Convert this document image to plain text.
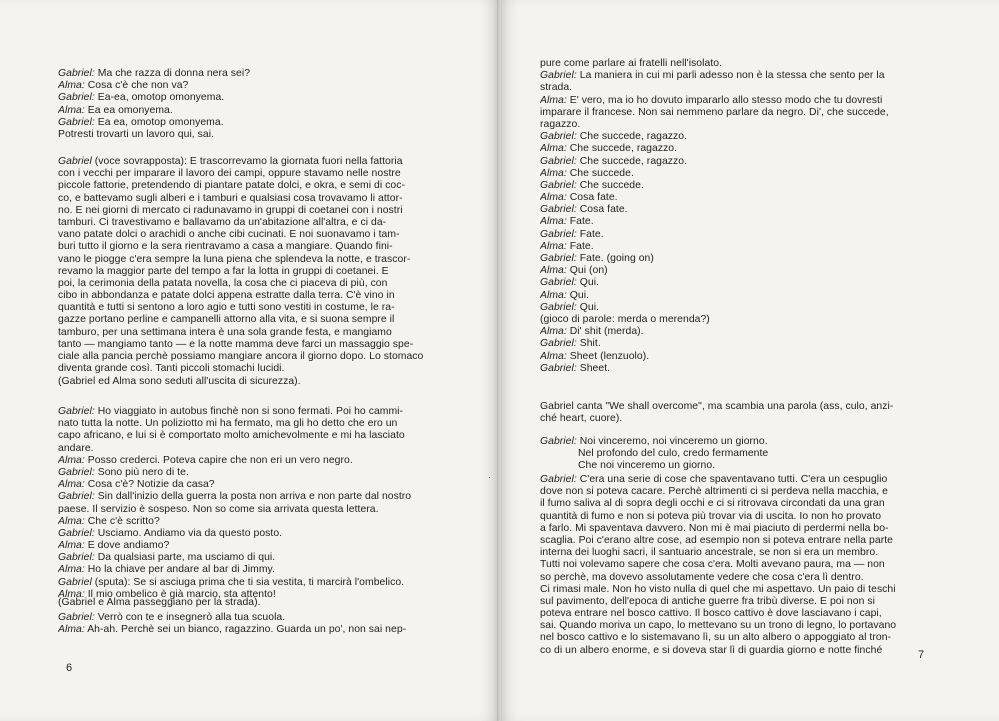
Gabriel: Ma che razza di donna nera sei?
Alma: Cosa c'è che non va?
Gabriel: Ea-ea, omotop omonyema.
Alma: Ea ea omonyema.
Gabriel: Ea ea, omotop omonyema.
Potresti trovarti un lavoro qui, sai.
Gabriel (voce sovrapposta): E trascorrevamo la giornata fuori nella fattoria
con i vecchi per imparare il lavoro dei campi, oppure stavamo nelle nostre
piccole fattorie, pretendendo di piantare patate dolci, e okra, e semi di coc-
co, e battevamo sugli alberi e i tamburi e qualsiasi cosa trovavamo li attor-
no. E nei giorni di mercato ci radunavamo in gruppi di coetanei con i nostri
tamburi. Ci travestivamo e ballavamo da un'abitazione all'altra, e ci da-
vano patate dolci o arachidi o anche cibi cucinati. E noi suonavamo i tam-
buri tutto il giorno e la sera rientravamo a casa a mangiare. Quando fini-
vano le piogge c'era sempre la luna piena che splendeva la notte, e trascor-
revamo la maggior parte del tempo a far la lotta in gruppi di coetanei. E
poi, la cerimonia della patata novella, la cosa che ci piaceva di più, con
cibo in abbondanza e patate dolci appena estratte dalla terra. C'è vino in
quantità e tutti si sentono a loro agio e tutti sono vestiti in costume, le ra-
gazze portano perline e campanelli attorno alla vita, e si suona sempre il
tamburo, per una settimana intera è una sola grande festa, e mangiamo
tanto — mangiamo tanto — e la notte mamma deve farci un massaggio spe-
ciale alla pancia perchè possiamo mangiare ancora il giorno dopo. Lo stomaco
diventa grande così. Tanti piccoli stomachi lucidi.
(Gabriel ed Alma sono seduti all'uscita di sicurezza).
Gabriel: Ho viaggiato in autobus finchè non si sono fermati. Poi ho cammi-
nato tutta la notte. Un poliziotto mi ha fermato, ma gli ho detto che ero un
capo africano, e lui si è comportato molto amichevolmente e mi ha lasciato
andare.
Alma: Posso crederci. Poteva capire che non eri un vero negro.
Gabriel: Sono più nero di te.
Alma: Cosa c'è? Notizie da casa?
Gabriel: Sin dall'inizio della guerra la posta non arriva e non parte dal nostro
paese. Il servizio è sospeso. Non so come sia arrivata questa lettera.
Alma: Che c'è scritto?
Gabriel: Usciamo. Andiamo via da questo posto.
Alma: E dove andiamo?
Gabriel: Da qualsiasi parte, ma usciamo di qui.
Alma: Ho la chiave per andare al bar di Jimmy.
Gabriel (sputa): Se si asciuga prima che ti sia vestita, ti marcirà l'ombelico.
Alma: Il mio ombelico è già marcio, sta attento!
(Gabriel e Alma passeggiano per la strada).
Gabriel: Verrò con te e insegnerò alla tua scuola.
Alma: Ah-ah. Perchè sei un bianco, ragazzino. Guarda un po', non sai nep-
·
6
pure come parlare ai fratelli nell'isolato.
Gabriel: La maniera in cui mi parli adesso non è la stessa che sento per la
strada.
Alma: E' vero, ma io ho dovuto impararlo allo stesso modo che tu dovresti
imparare il francese. Non sai nemmeno parlare da negro. Di', che succede,
ragazzo.
Gabriel: Che succede, ragazzo.
Alma: Che succede, ragazzo.
Gabriel: Che succede, ragazzo.
Alma: Che succede.
Gabriel: Che succede.
Alma: Cosa fate.
Gabriel: Cosa fate.
Alma: Fate.
Gabriel: Fate.
Alma: Fate.
Gabriel: Fate. (going on)
Alma: Qui (on)
Gabriel: Qui.
Alma: Qui.
Gabriel: Qui.
(gioco di parole: merda o merenda?)
Alma: Di' shit (merda).
Gabriel: Shit.
Alma: Sheet (lenzuolo).
Gabriel: Sheet.
Gabriel canta "We shall overcome", ma scambia una parola (ass, culo, anzi-
ché heart, cuore).
Gabriel: Noi vinceremo, noi vinceremo un giorno.
Nel profondo del culo, credo fermamente
Che noi vinceremo un giorno.
Gabriel: C'era una serie di cose che spaventavano tutti. C'era un cespuglio
dove non si poteva cacare. Perchè altrimenti ci si perdeva nella macchia, e
il fumo saliva al di sopra degli occhi e ci si ritrovava circondati da una gran
quantità di fumo e non si poteva più trovar via di uscita. Io non ho provato
a farlo. Mi spaventava davvero. Non mi è mai piaciuto di perdermi nella bo-
scaglia. Poi c'erano altre cose, ad esempio non si poteva entrare nella parte
interna dei luoghi sacri, il santuario ancestrale, se non si era un membro.
Tutti noi volevamo sapere che cosa c'era. Molti avevano paura, ma — non
so perchè, ma dovevo assolutamente vedere che cosa c'era lì dentro.
Ci rimasi male. Non ho visto nulla di quel che mi aspettavo. Un paio di teschi
sul pavimento, dell'epoca di antiche guerre fra tribù diverse. E poi non si
poteva entrare nel bosco cattivo. Il bosco cattivo è dove lasciavano i capi,
sai. Quando moriva un capo, lo mettevano su un trono di legno, lo portavano
nel bosco cattivo e lo sistemavano lì, su un alto albero o appoggiato al tron-
co di un albero enorme, e si doveva star lì di guardia giorno e notte finché	7
